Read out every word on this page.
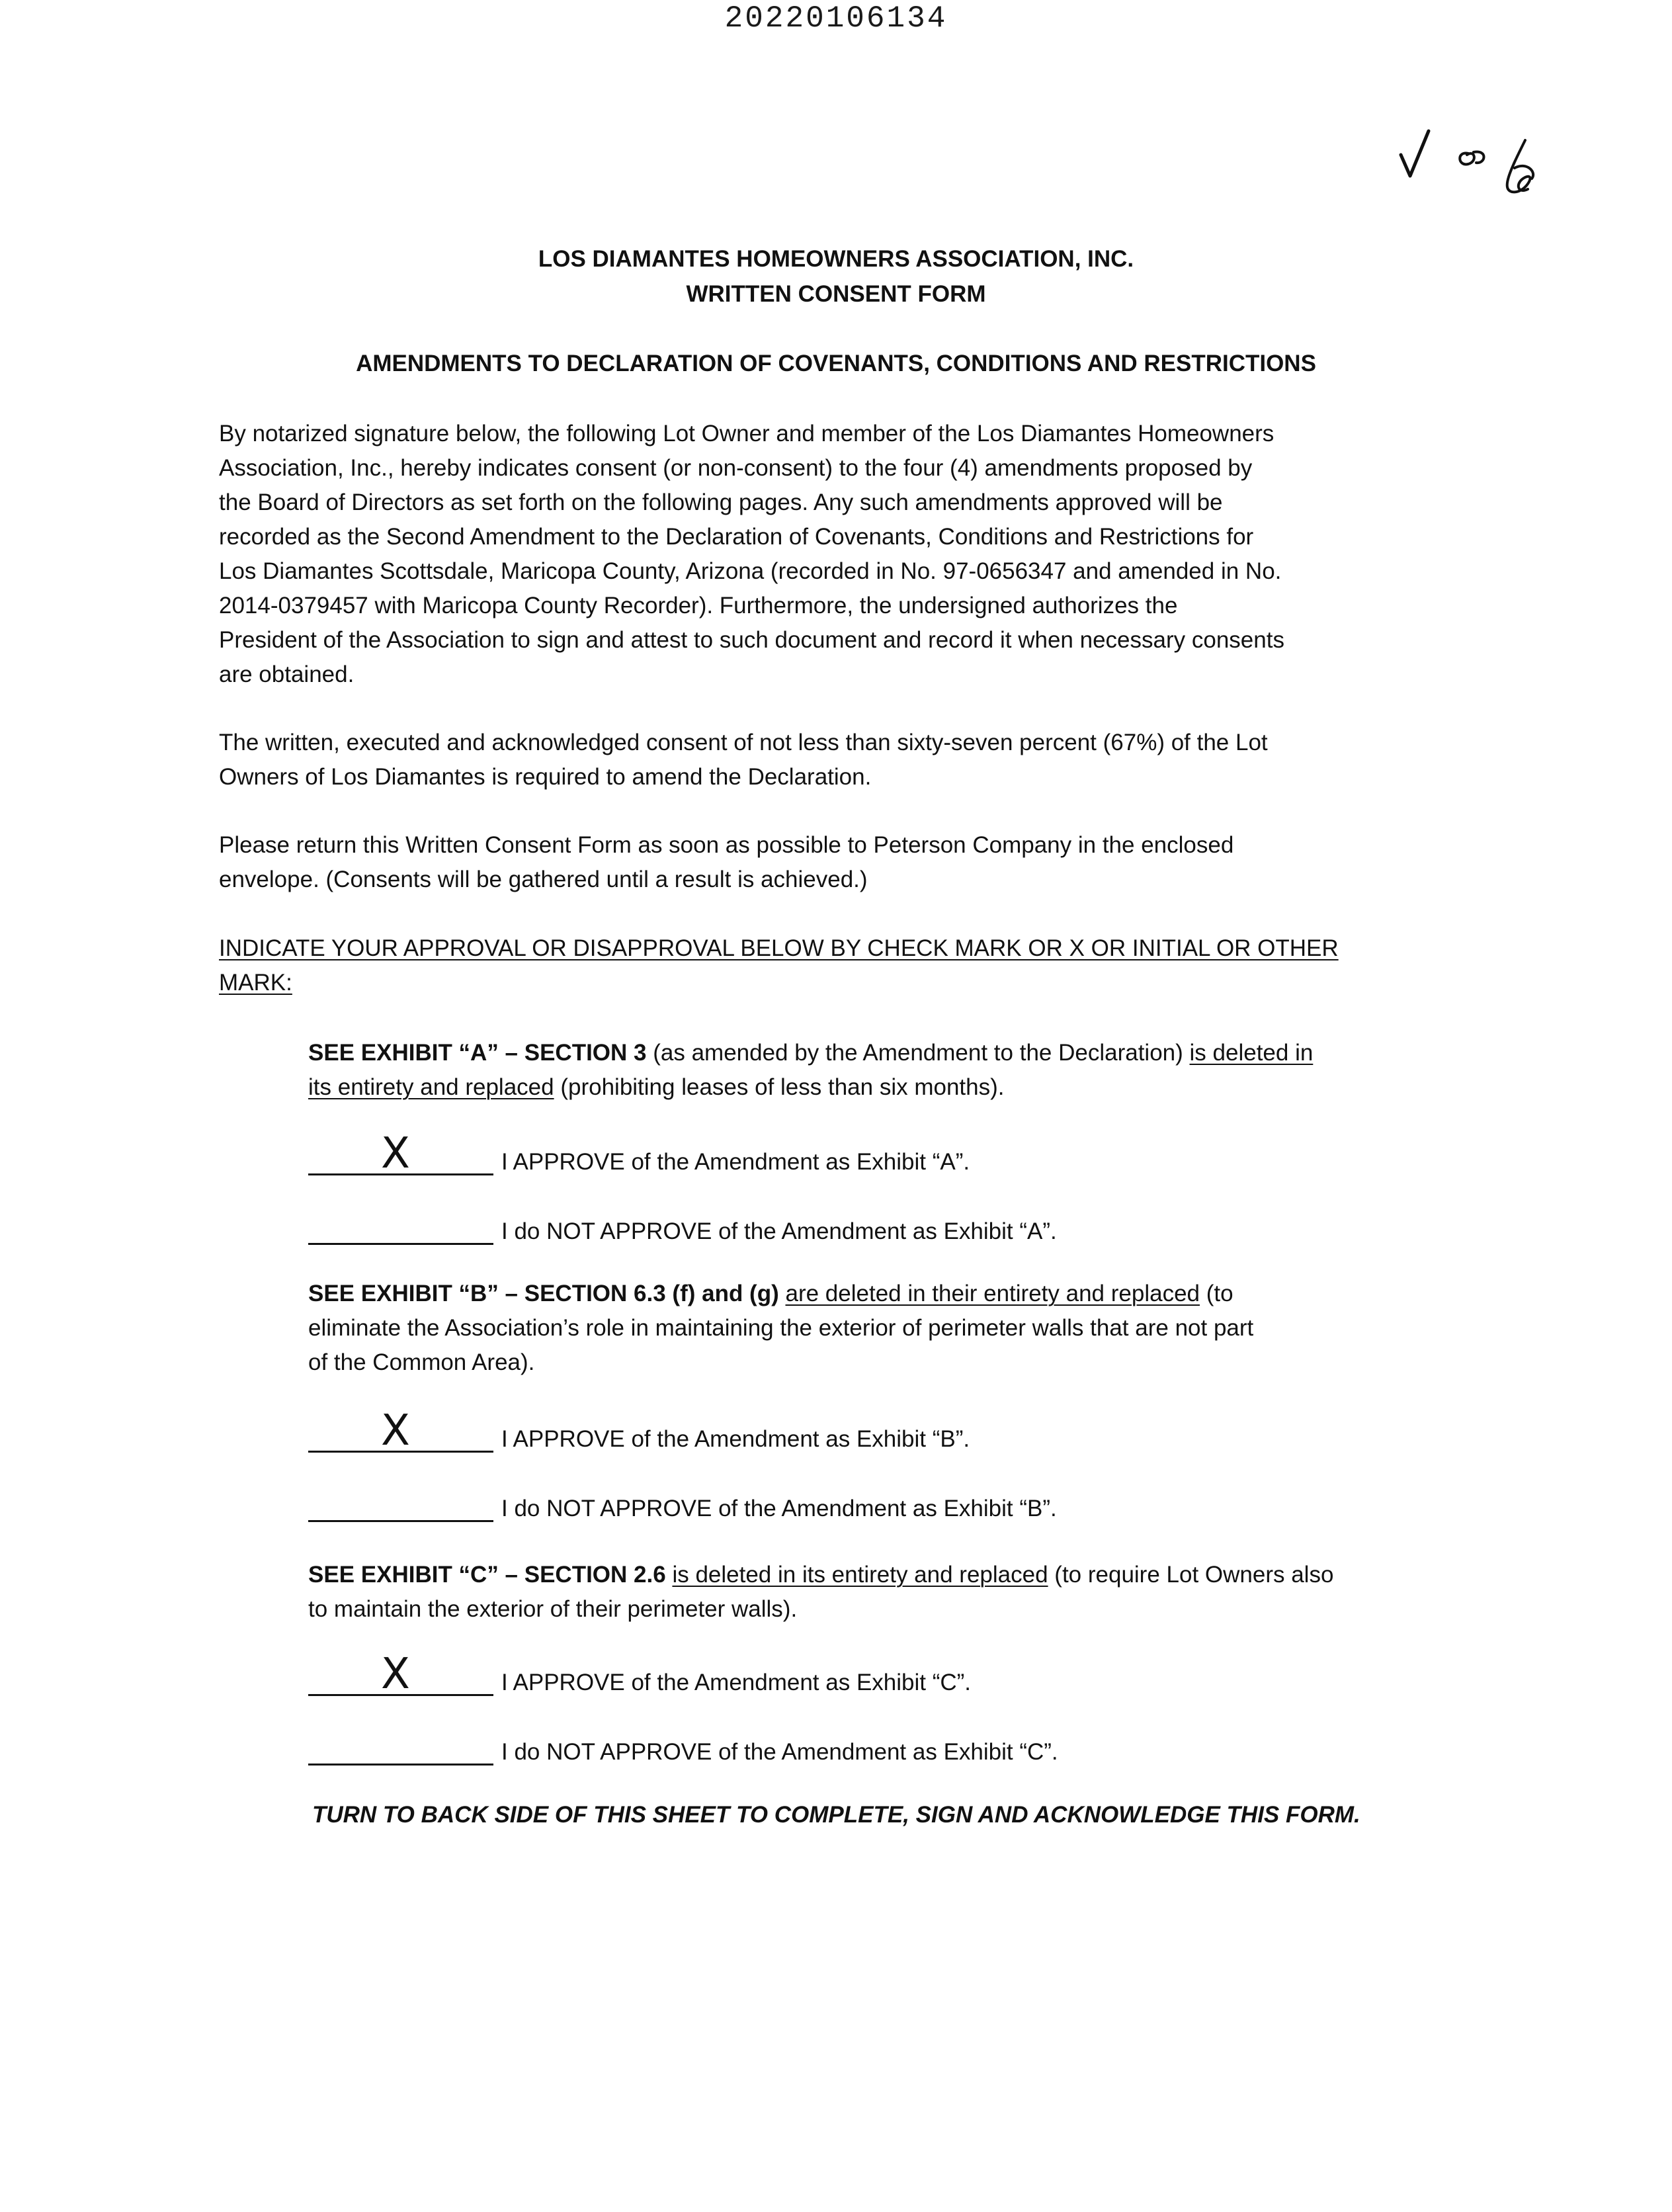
20220106134
LOS DIAMANTES HOMEOWNERS ASSOCIATION, INC.
WRITTEN CONSENT FORM
AMENDMENTS TO DECLARATION OF COVENANTS, CONDITIONS AND RESTRICTIONS
By notarized signature below, the following Lot Owner and member of the Los Diamantes Homeowners
Association, Inc., hereby indicates consent (or non-consent) to the four (4) amendments proposed by
the Board of Directors as set forth on the following pages. Any such amendments approved will be
recorded as the Second Amendment to the Declaration of Covenants, Conditions and Restrictions for
Los Diamantes Scottsdale, Maricopa County, Arizona (recorded in No. 97-0656347 and amended in No.
2014-0379457 with Maricopa County Recorder). Furthermore, the undersigned authorizes the
President of the Association to sign and attest to such document and record it when necessary consents
are obtained.
The written, executed and acknowledged consent of not less than sixty-seven percent (67%) of the Lot
Owners of Los Diamantes is required to amend the Declaration.
Please return this Written Consent Form as soon as possible to Peterson Company in the enclosed
envelope. (Consents will be gathered until a result is achieved.)
INDICATE YOUR APPROVAL OR DISAPPROVAL BELOW BY CHECK MARK OR X OR INITIAL OR OTHER
MARK:
SEE EXHIBIT “A” – SECTION 3 (as amended by the Amendment to the Declaration) is deleted in
its entirety and replaced (prohibiting leases of less than six months).
X	I APPROVE of the Amendment as Exhibit “A”.
I do NOT APPROVE of the Amendment as Exhibit “A”.
SEE EXHIBIT “B” – SECTION 6.3 (f) and (g) are deleted in their entirety and replaced (to
eliminate the Association’s role in maintaining the exterior of perimeter walls that are not part
of the Common Area).
X	I APPROVE of the Amendment as Exhibit “B”.
I do NOT APPROVE of the Amendment as Exhibit “B”.
SEE EXHIBIT “C” – SECTION 2.6 is deleted in its entirety and replaced (to require Lot Owners also
to maintain the exterior of their perimeter walls).
X	I APPROVE of the Amendment as Exhibit “C”.
I do NOT APPROVE of the Amendment as Exhibit “C”.
TURN TO BACK SIDE OF THIS SHEET TO COMPLETE, SIGN AND ACKNOWLEDGE THIS FORM.
